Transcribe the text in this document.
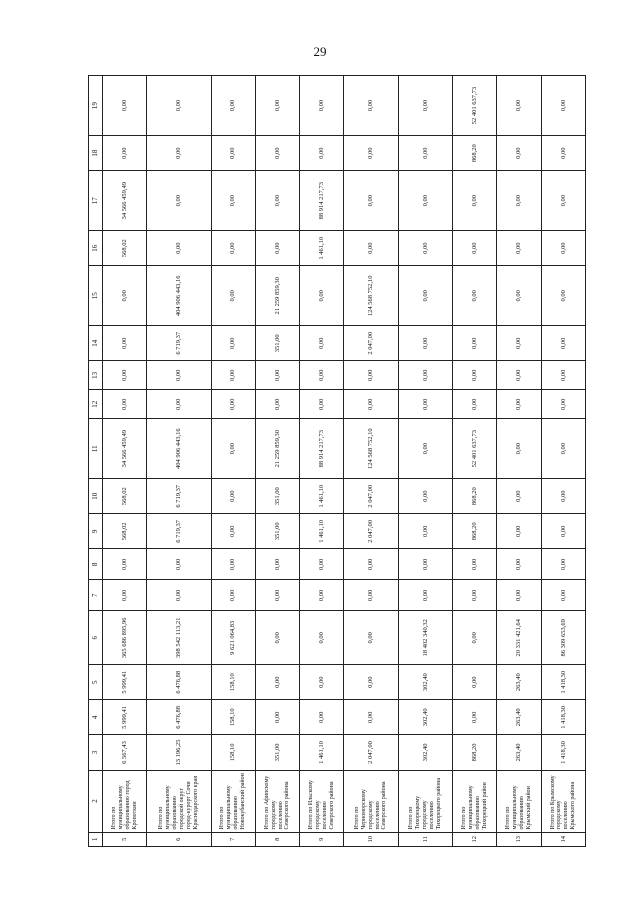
29
1	2	3	4	5	6	7	8	9	10	11	12	13	14	15	16	17	18	19
5	Итого по муниципальному образованию город Кропоткин	6 567,43	5 999,41	5 999,41	365 686 895,96	0,00	0,00	568,02	568,02	34 566 459,49	0,00	0,00	0,00	0,00	568,02	34 566 459,49	0,00	0,00
6	Итого по муниципальному образованию городской округ город-курорт Сочи Краснодарского края	13 196,25	6 476,88	6 476,88	398 542 113,21	0,00	0,00	6 719,37	6 719,37	404 906 443,16	0,00	0,00	6 719,37	404 906 443,16	0,00	0,00	0,00	0,00
7	Итого по муниципальному образованию Новокубанский район	158,10	158,10	158,10	9 621 064,83	0,00	0,00	0,00	0,00	0,00	0,00	0,00	0,00	0,00	0,00	0,00	0,00	0,00
8	Итого по Афипскому городскому поселению Северского района	351,00	0,00	0,00	0,00	0,00	0,00	351,00	351,00	21 259 859,30	0,00	0,00	351,00	21 259 859,30	0,00	0,00	0,00	0,00
9	Итого по Ильскому городскому поселению Северского района	1 461,10	0,00	0,00	0,00	0,00	0,00	1 461,10	1 461,10	88 914 217,73	0,00	0,00	0,00	0,00	1 461,10	88 914 217,73	0,00	0,00
10	Итого по Черноморскому городскому поселению Северского района	2 047,00	0,00	0,00	0,00	0,00	0,00	2 047,00	2 047,00	124 568 752,10	0,00	0,00	2 047,00	124 568 752,10	0,00	0,00	0,00	0,00
11	Итого по Тихорецкому городскому поселению Тихорецкого района	302,40	302,40	302,40	18 402 340,32	0,00	0,00	0,00	0,00	0,00	0,00	0,00	0,00	0,00	0,00	0,00	0,00	0,00
12	Итого по муниципальному образованию Тихорецкий район	868,20	0,00	0,00	0,00	0,00	0,00	868,20	868,20	52 401 637,73	0,00	0,00	0,00	0,00	0,00	0,00	868,20	52 401 637,73
13	Итого по муниципальному образованию Крымский район	263,40	263,40	263,40	20 331 421,64	0,00	0,00	0,00	0,00	0,00	0,00	0,00	0,00	0,00	0,00	0,00	0,00	0,00
14	Итого по Крымскому городскому поселению Крымского района	1 418,30	1 418,30	1 418,30	86 309 653,69	0,00	0,00	0,00	0,00	0,00	0,00	0,00	0,00	0,00	0,00	0,00	0,00	0,00
